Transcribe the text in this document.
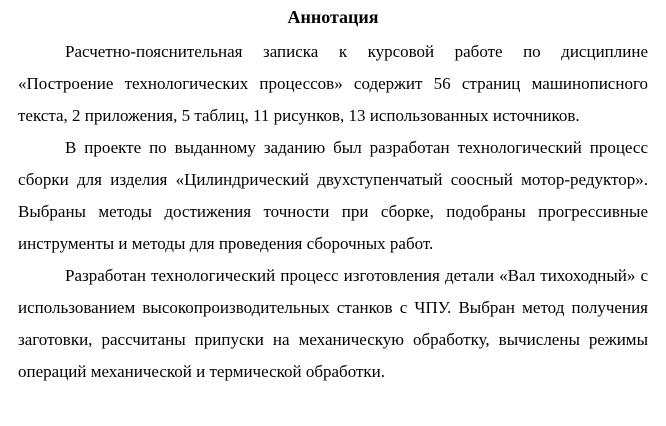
Аннотация

Расчетно-пояснительная записка к курсовой работе по дисциплине «Построение технологических процессов» содержит 56 страниц машинописного текста, 2 приложения, 5 таблиц, 11 рисунков, 13 использованных источников.

В проекте по выданному заданию был разработан технологический процесс сборки для изделия «Цилиндрический двухступенчатый соосный мотор-редуктор». Выбраны методы достижения точности при сборке, подобраны прогрессивные инструменты и методы для проведения сборочных работ.

Разработан технологический процесс изготовления детали «Вал тихоходный» с использованием высокопроизводительных станков с ЧПУ. Выбран метод получения заготовки, рассчитаны припуски на механическую обработку, вычислены режимы операций механической и термической обработки.
